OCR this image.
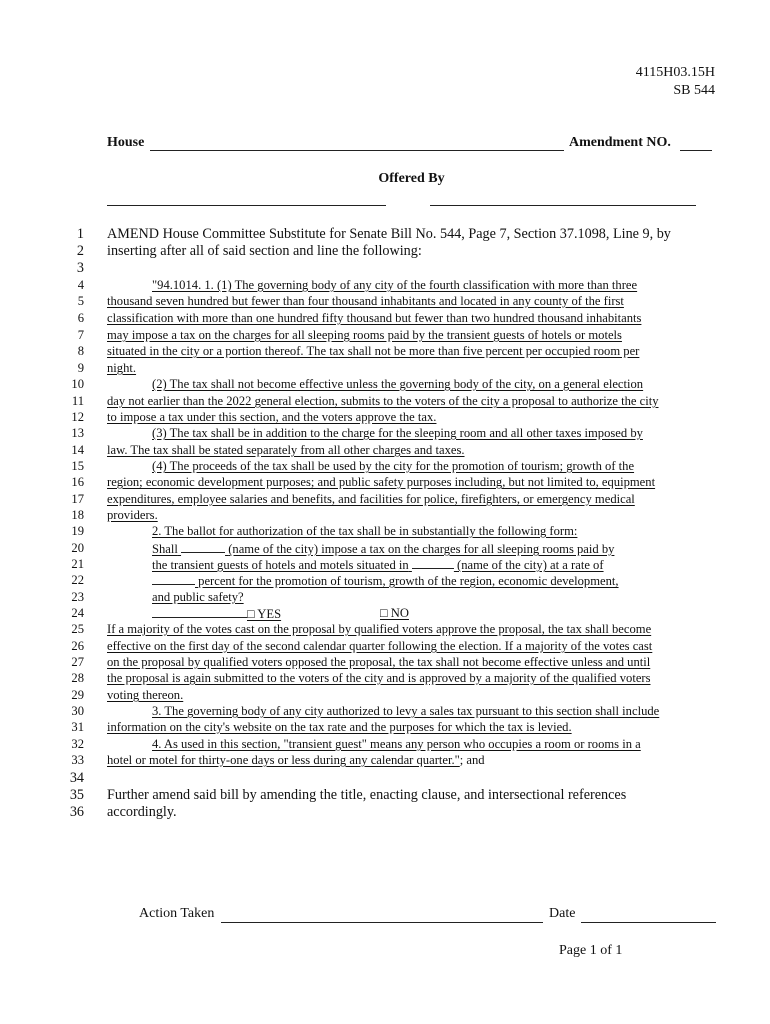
4115H03.15H
SB 544
House	Amendment NO.
Offered By
1 AMEND House Committee Substitute for Senate Bill No. 544, Page 7, Section 37.1098, Line 9, by
2 inserting after all of said section and line the following:
3
4	"94.1014. 1. (1) The governing body of any city of the fourth classification with more than three
5 thousand seven hundred but fewer than four thousand inhabitants and located in any county of the first
6 classification with more than one hundred fifty thousand but fewer than two hundred thousand inhabitants
7 may impose a tax on the charges for all sleeping rooms paid by the transient guests of hotels or motels
8 situated in the city or a portion thereof. The tax shall not be more than five percent per occupied room per
9 night.
10	(2) The tax shall not become effective unless the governing body of the city, on a general election
11 day not earlier than the 2022 general election, submits to the voters of the city a proposal to authorize the city
12 to impose a tax under this section, and the voters approve the tax.
13	(3) The tax shall be in addition to the charge for the sleeping room and all other taxes imposed by
14 law. The tax shall be stated separately from all other charges and taxes.
15	(4) The proceeds of the tax shall be used by the city for the promotion of tourism; growth of the
16 region; economic development purposes; and public safety purposes including, but not limited to, equipment
17 expenditures, employee salaries and benefits, and facilities for police, firefighters, or emergency medical
18 providers.
19	2. The ballot for authorization of the tax shall be in substantially the following form:
20	Shall	(name of the city) impose a tax on the charges for all sleeping rooms paid by
21	the transient guests of hotels and motels situated in	(name of the city) at a rate of
22	percent for the promotion of tourism, growth of the region, economic development,
23	and public safety?
24	□ YES	□ NO
25 If a majority of the votes cast on the proposal by qualified voters approve the proposal, the tax shall become
26 effective on the first day of the second calendar quarter following the election. If a majority of the votes cast
27 on the proposal by qualified voters opposed the proposal, the tax shall not become effective unless and until
28 the proposal is again submitted to the voters of the city and is approved by a majority of the qualified voters
29 voting thereon.
30	3. The governing body of any city authorized to levy a sales tax pursuant to this section shall include
31 information on the city's website on the tax rate and the purposes for which the tax is levied.
32	4. As used in this section, "transient guest" means any person who occupies a room or rooms in a
33 hotel or motel for thirty-one days or less during any calendar quarter."; and
34
35 Further amend said bill by amending the title, enacting clause, and intersectional references
36 accordingly.
Action Taken	Date
Page 1 of 1
